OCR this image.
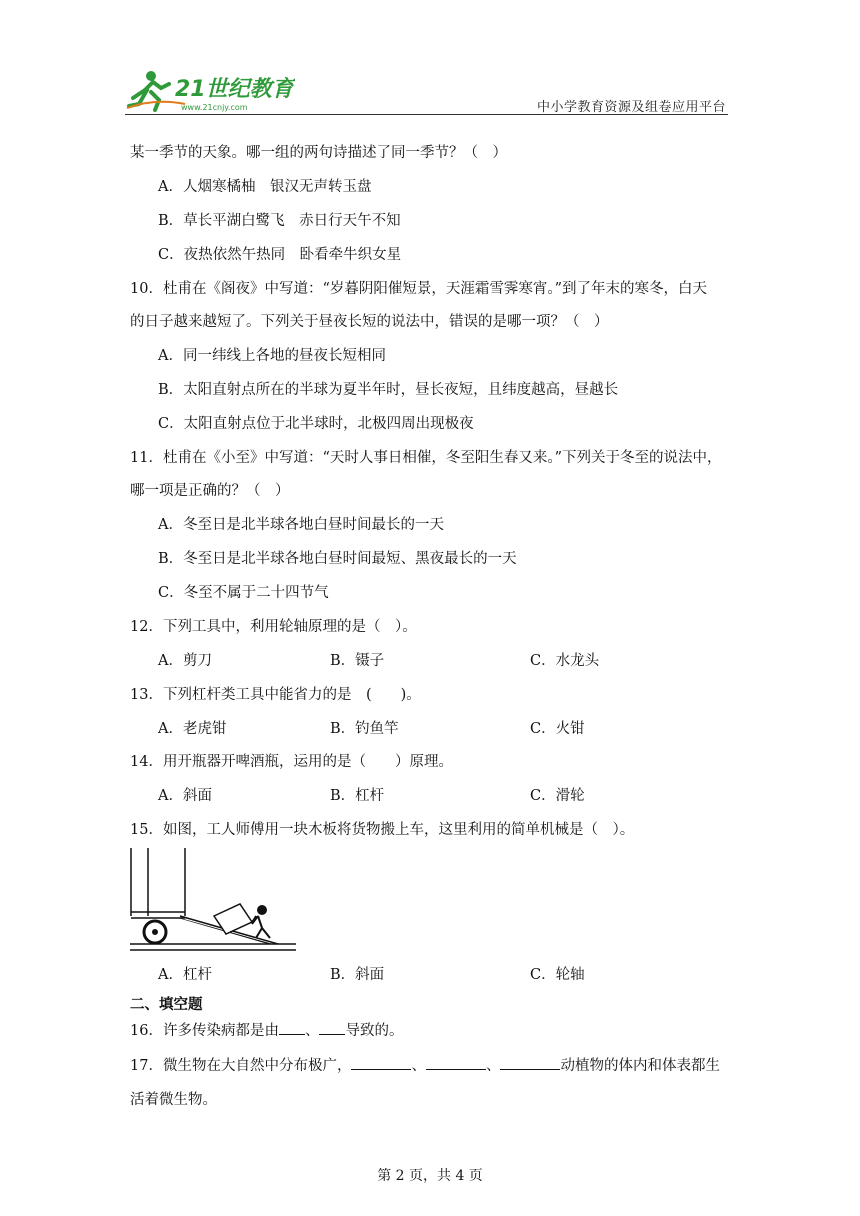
21世纪教育
www.21cnjy.com	中小学教育资源及组卷应用平台
某一季节的天象。哪一组的两句诗描述了同一季节？（　）
A．人烟寒橘柚　银汉无声转玉盘
B．草长平湖白鹭飞　赤日行天午不知
C．夜热依然午热同　卧看牵牛织女星
10．杜甫在《阁夜》中写道：“岁暮阴阳催短景，天涯霜雪霁寒宵。”到了年末的寒冬，白天
的日子越来越短了。下列关于昼夜长短的说法中，错误的是哪一项？（　）
A．同一纬线上各地的昼夜长短相同
B．太阳直射点所在的半球为夏半年时，昼长夜短，且纬度越高，昼越长
C．太阳直射点位于北半球时，北极四周出现极夜
11．杜甫在《小至》中写道：“天时人事日相催，冬至阳生春又来。”下列关于冬至的说法中，
哪一项是正确的？（　）
A．冬至日是北半球各地白昼时间最长的一天
B．冬至日是北半球各地白昼时间最短、黑夜最长的一天
C．冬至不属于二十四节气
12．下列工具中，利用轮轴原理的是（　）。
A．剪刀	B．镊子	C．水龙头
13．下列杠杆类工具中能省力的是　(　　)。
A．老虎钳	B．钓鱼竿	C．火钳
14．用开瓶器开啤酒瓶，运用的是（　　）原理。
A．斜面	B．杠杆	C．滑轮
15．如图，工人师傅用一块木板将货物搬上车，这里利用的简单机械是（　）。
A．杠杆	B．斜面	C．轮轴
二、填空题
16．许多传染病都是由 、 导致的。
17．微生物在大自然中分布极广，	、	、	动植物的体内和体表都生
活着微生物。
第 2 页，共 4 页
